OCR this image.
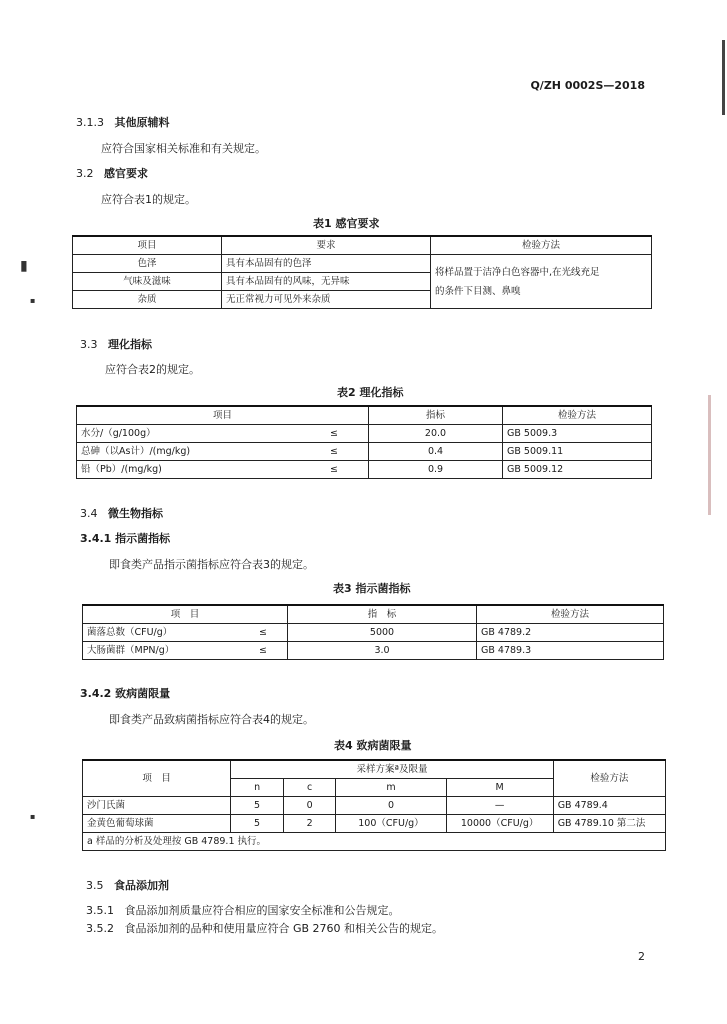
Q/ZH 0002S—2018
3.1.3 其他原辅料
应符合国家相关标准和有关规定。
3.2 感官要求
应符合表1的规定。
表1 感官要求
项目	要求	检验方法
色泽	具有本品固有的色泽	将样品置于洁净白色容器中,在光线充足
的条件下目测、鼻嗅

气味及滋味	具有本品固有的风味，无异味	
杂质	无正常视力可见外来杂质	
3.3 理化指标
应符合表2的规定。
表2 理化指标
项目		指标	检验方法
水分/（g/100g）	≤	20.0	GB 5009.3
总砷（以As计）/(mg/kg)	≤	0.4	GB 5009.11
铅（Pb）/(mg/kg)	≤	0.9	GB 5009.12
3.4 微生物指标
3.4.1 指示菌指标
即食类产品指示菌指标应符合表3的规定。
表3 指示菌指标
项　目		指　标	检验方法
菌落总数（CFU/g）	≤	5000	GB 4789.2
大肠菌群（MPN/g）	≤	3.0	GB 4789.3
3.4.2 致病菌限量
即食类产品致病菌指标应符合表4的规定。
表4 致病菌限量
项　目	采样方案ª及限量				检验方法
	n	c	m	M	
沙门氏菌	5	0	0	—	GB 4789.4
金黄色葡萄球菌	5	2	100（CFU/g）	10000（CFU/g）	GB 4789.10 第二法
a 样品的分析及处理按 GB 4789.1 执行。					
3.5 食品添加剂
3.5.1 食品添加剂质量应符合相应的国家安全标准和公告规定。
3.5.2 食品添加剂的品种和使用量应符合 GB 2760 和相关公告的规定。
2
▮
▪
▪
